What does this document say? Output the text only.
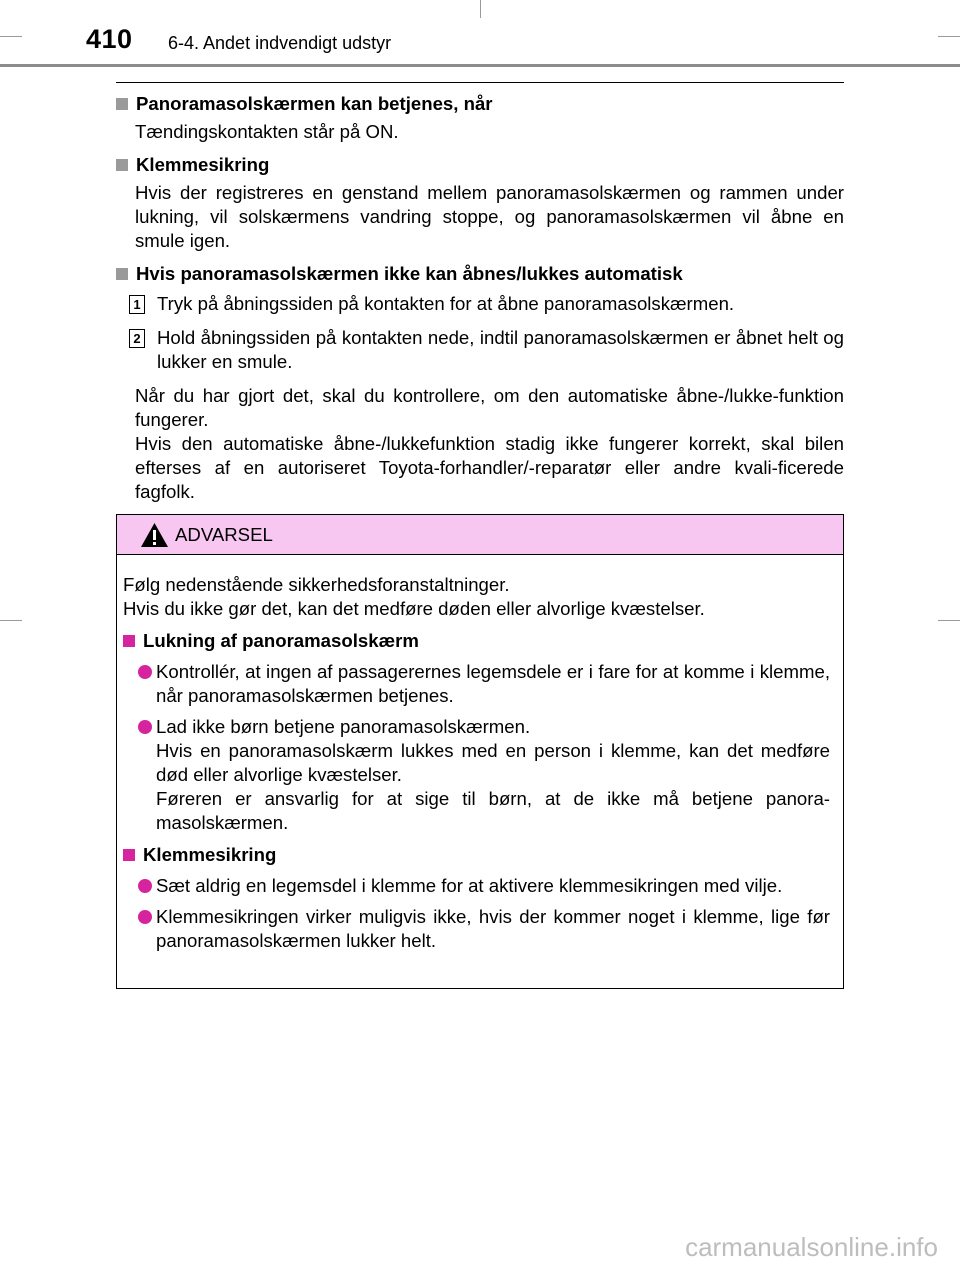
410 6-4. Andet indvendigt udstyr
Panoramasolskærmen kan betjenes, når
Tændingskontakten står på ON.
Klemmesikring
Hvis der registreres en genstand mellem panoramasolskærmen og rammen under lukning, vil solskærmens vandring stoppe, og panoramasolskærmen vil åbne en smule igen.
Hvis panoramasolskærmen ikke kan åbnes/lukkes automatisk
1 Tryk på åbningssiden på kontakten for at åbne panoramasolskærmen.
2 Hold åbningssiden på kontakten nede, indtil panoramasolskærmen er åbnet helt og lukker en smule.
Når du har gjort det, skal du kontrollere, om den automatiske åbne-/lukke-funktion fungerer.
Hvis den automatiske åbne-/lukkefunktion stadig ikke fungerer korrekt, skal bilen efterses af en autoriseret Toyota-forhandler/-reparatør eller andre kvali-ficerede fagfolk.
ADVARSEL
Følg nedenstående sikkerhedsforanstaltninger.
Hvis du ikke gør det, kan det medføre døden eller alvorlige kvæstelser.
Lukning af panoramasolskærm
Kontrollér, at ingen af passagerernes legemsdele er i fare for at komme i klemme, når panoramasolskærmen betjenes.
Lad ikke børn betjene panoramasolskærmen.
Hvis en panoramasolskærm lukkes med en person i klemme, kan det medføre død eller alvorlige kvæstelser.
Føreren er ansvarlig for at sige til børn, at de ikke må betjene panora-masolskærmen.
Klemmesikring
Sæt aldrig en legemsdel i klemme for at aktivere klemmesikringen med vilje.
Klemmesikringen virker muligvis ikke, hvis der kommer noget i klemme, lige før panoramasolskærmen lukker helt.
carmanualsonline.info
